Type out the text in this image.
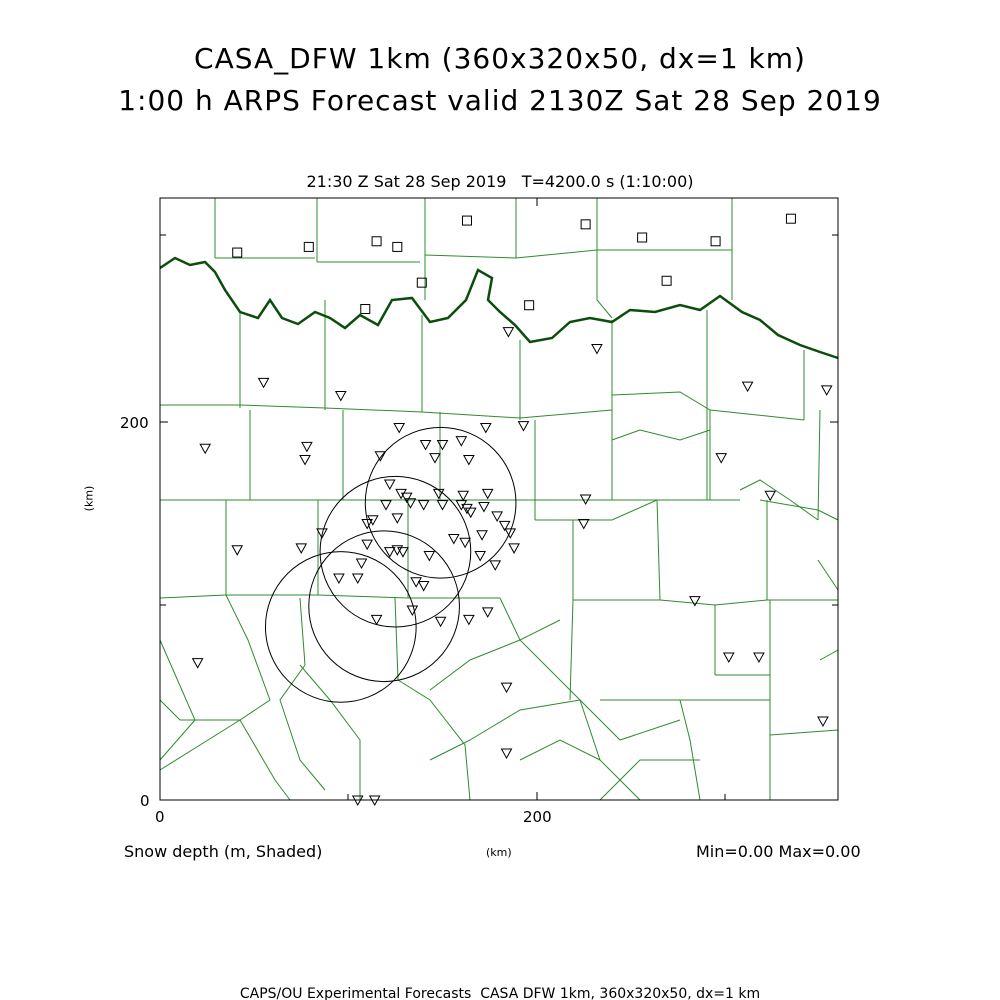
CASA_DFW 1km (360x320x50, dx=1 km)
1:00 h ARPS Forecast valid 2130Z Sat 28 Sep 2019
21:30 Z Sat 28 Sep 2019   T=4200.0 s (1:10:00)
200
0
0	200
(km)
(km)
Snow depth (m, Shaded)	Min=0.00 Max=0.00
CAPS/OU Experimental Forecasts  CASA DFW 1km, 360x320x50, dx=1 km
